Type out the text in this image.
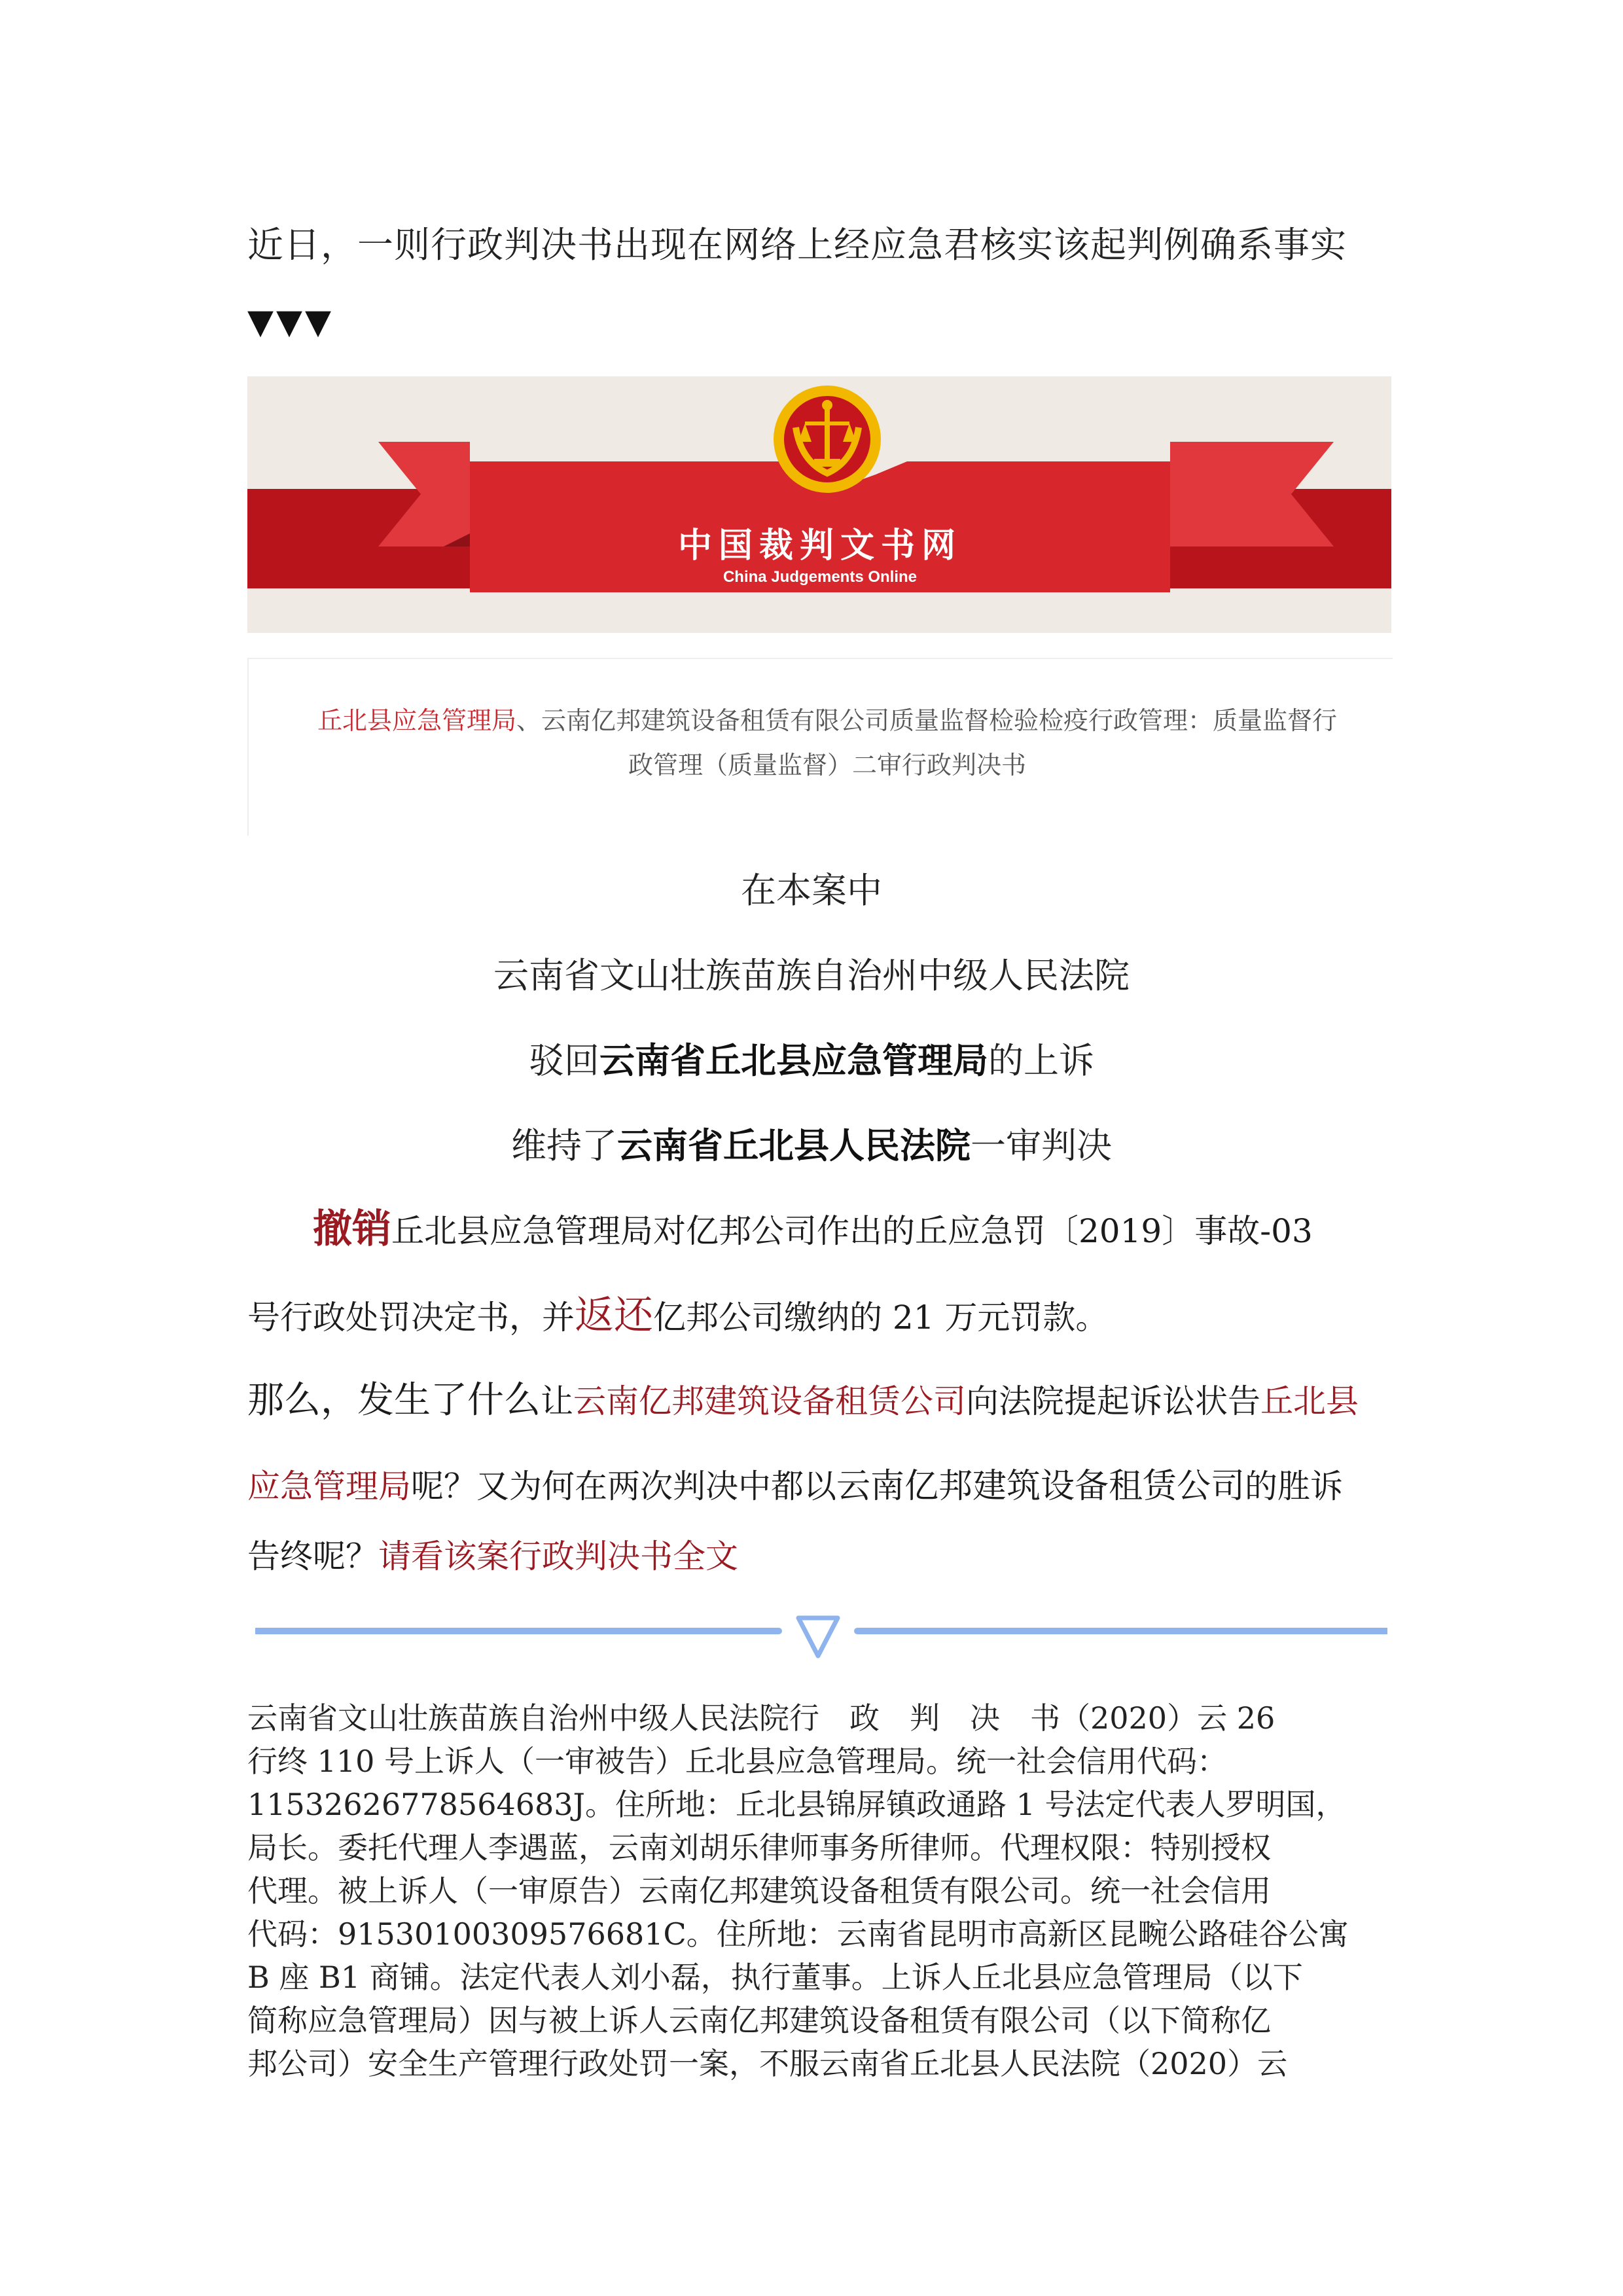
近日，一则行政判决书出现在网络上经应急君核实该起判例确系事实
▼▼▼
中国裁判文书网
China Judgements Online
丘北县应急管理局、云南亿邦建筑设备租赁有限公司质量监督检验检疫行政管理：质量监督行
政管理（质量监督）二审行政判决书
在本案中
云南省文山壮族苗族自治州中级人民法院
驳回云南省丘北县应急管理局的上诉
维持了云南省丘北县人民法院一审判决
撤销丘北县应急管理局对亿邦公司作出的丘应急罚〔2019〕事故-03
号行政处罚决定书，并返还亿邦公司缴纳的 21 万元罚款。
那么，发生了什么让云南亿邦建筑设备租赁公司向法院提起诉讼状告丘北县
应急管理局呢？又为何在两次判决中都以云南亿邦建筑设备租赁公司的胜诉
告终呢？请看该案行政判决书全文
云南省文山壮族苗族自治州中级人民法院行　政　判　决　书（2020）云 26
行终 110 号上诉人（一审被告）丘北县应急管理局。统一社会信用代码：
11532626778564683J。住所地：丘北县锦屏镇政通路 1 号法定代表人罗明国，
局长。委托代理人李遇蓝，云南刘胡乐律师事务所律师。代理权限：特别授权
代理。被上诉人（一审原告）云南亿邦建筑设备租赁有限公司。统一社会信用
代码：91530100309576681C。住所地：云南省昆明市高新区昆畹公路硅谷公寓
B 座 B1 商铺。法定代表人刘小磊，执行董事。上诉人丘北县应急管理局（以下
简称应急管理局）因与被上诉人云南亿邦建筑设备租赁有限公司（以下简称亿
邦公司）安全生产管理行政处罚一案，不服云南省丘北县人民法院（2020）云
